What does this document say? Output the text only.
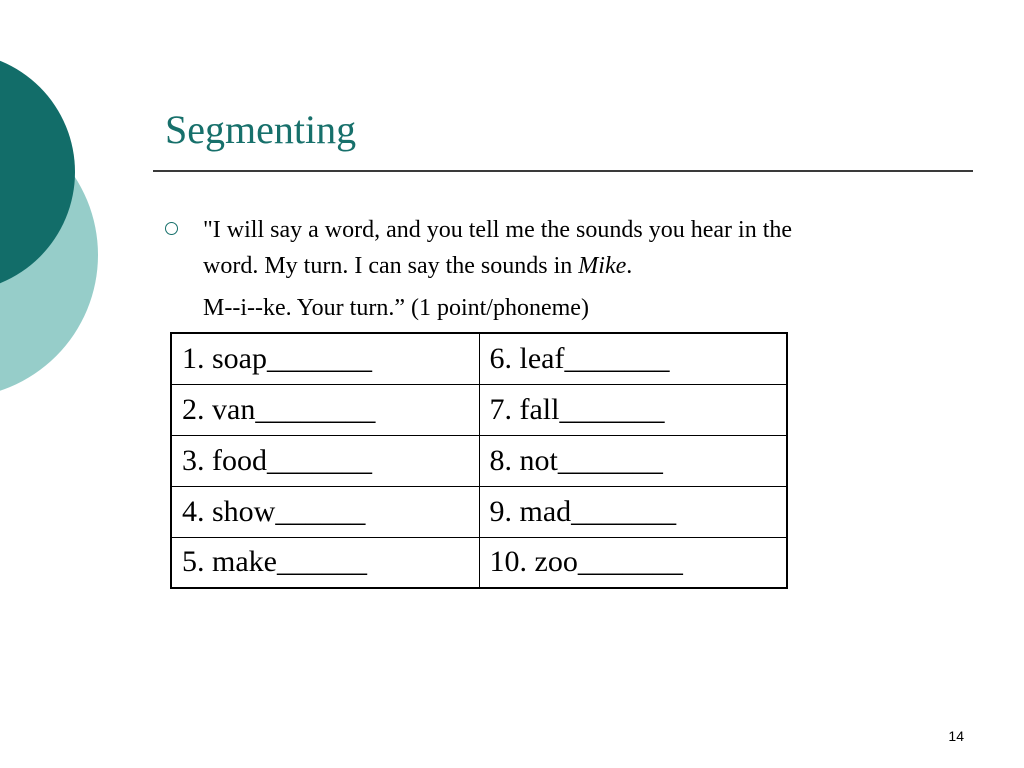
Segmenting
"I will say a word, and you tell me the sounds you hear in the
word. My turn. I can say the sounds in Mike.
M--i--ke. Your turn.” (1 point/phoneme)
1. soap_______	6. leaf_______
2. van________	7. fall_______
3. food_______	8. not_______
4. show______	9. mad_______
5. make______	10. zoo_______
14
